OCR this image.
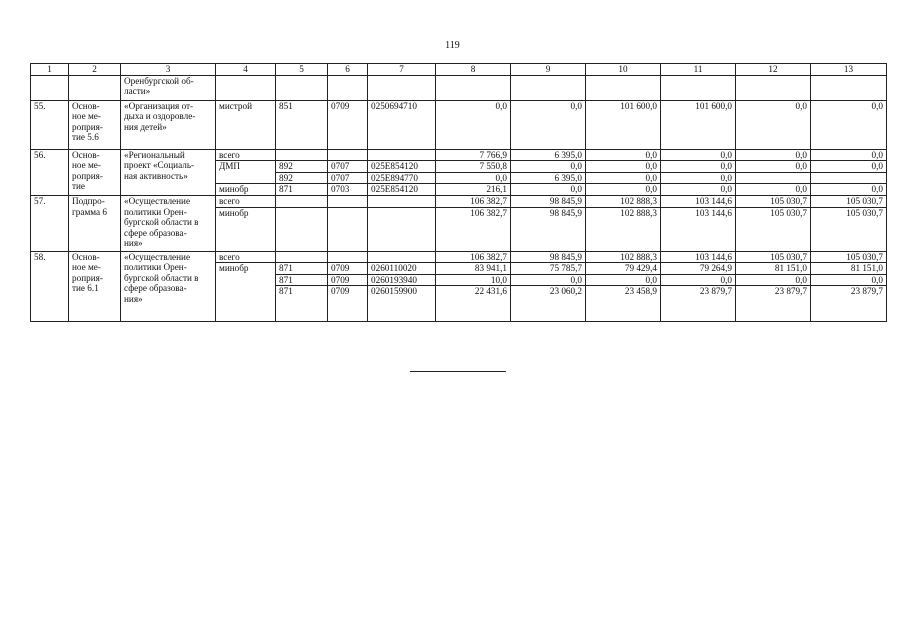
119
1	2	3	4	5	6	7	8	9	10	11	12	13
		Оренбургской об-
ласти»										
55.	Основ-
ное ме-
роприя-
тие 5.6	«Организация от-
дыха и оздоровле-
ния детей»	мистрой	851	0709	0250694710	0,0	0,0	101 600,0	101 600,0	0,0	0,0
56.	Основ-
ное ме-
роприя-
тие	«Региональный
проект «Социаль-
ная активность»	всего				7 766,9	6 395,0	0,0	0,0	0,0	0,0
			ДМП	892	0707	025E854120	7 550,8	0,0	0,0	0,0	0,0	0,0
				892	0707	025E894770	0,0	6 395,0	0,0	0,0		
			минобр	871	0703	025E854120	216,1	0,0	0,0	0,0	0,0	0,0
57.	Подпро-
грамма 6	«Осуществление
политики Орен-
бургской области в
сфере образова-
ния»	всего				106 382,7	98 845,9	102 888,3	103 144,6	105 030,7	105 030,7
			минобр				106 382,7	98 845,9	102 888,3	103 144,6	105 030,7	105 030,7
58.	Основ-
ное ме-
роприя-
тие 6.1	«Осуществление
политики Орен-
бургской области в
сфере образова-
ния»	всего				106 382,7	98 845,9	102 888,3	103 144,6	105 030,7	105 030,7
			минобр	871	0709	0260110020	83 941,1	75 785,7	79 429,4	79 264,9	81 151,0	81 151,0
				871	0709	0260193940	10,0	0,0	0,0	0,0	0,0	0,0
				871	0709	0260159900	22 431,6	23 060,2	23 458,9	23 879,7	23 879,7	23 879,7
